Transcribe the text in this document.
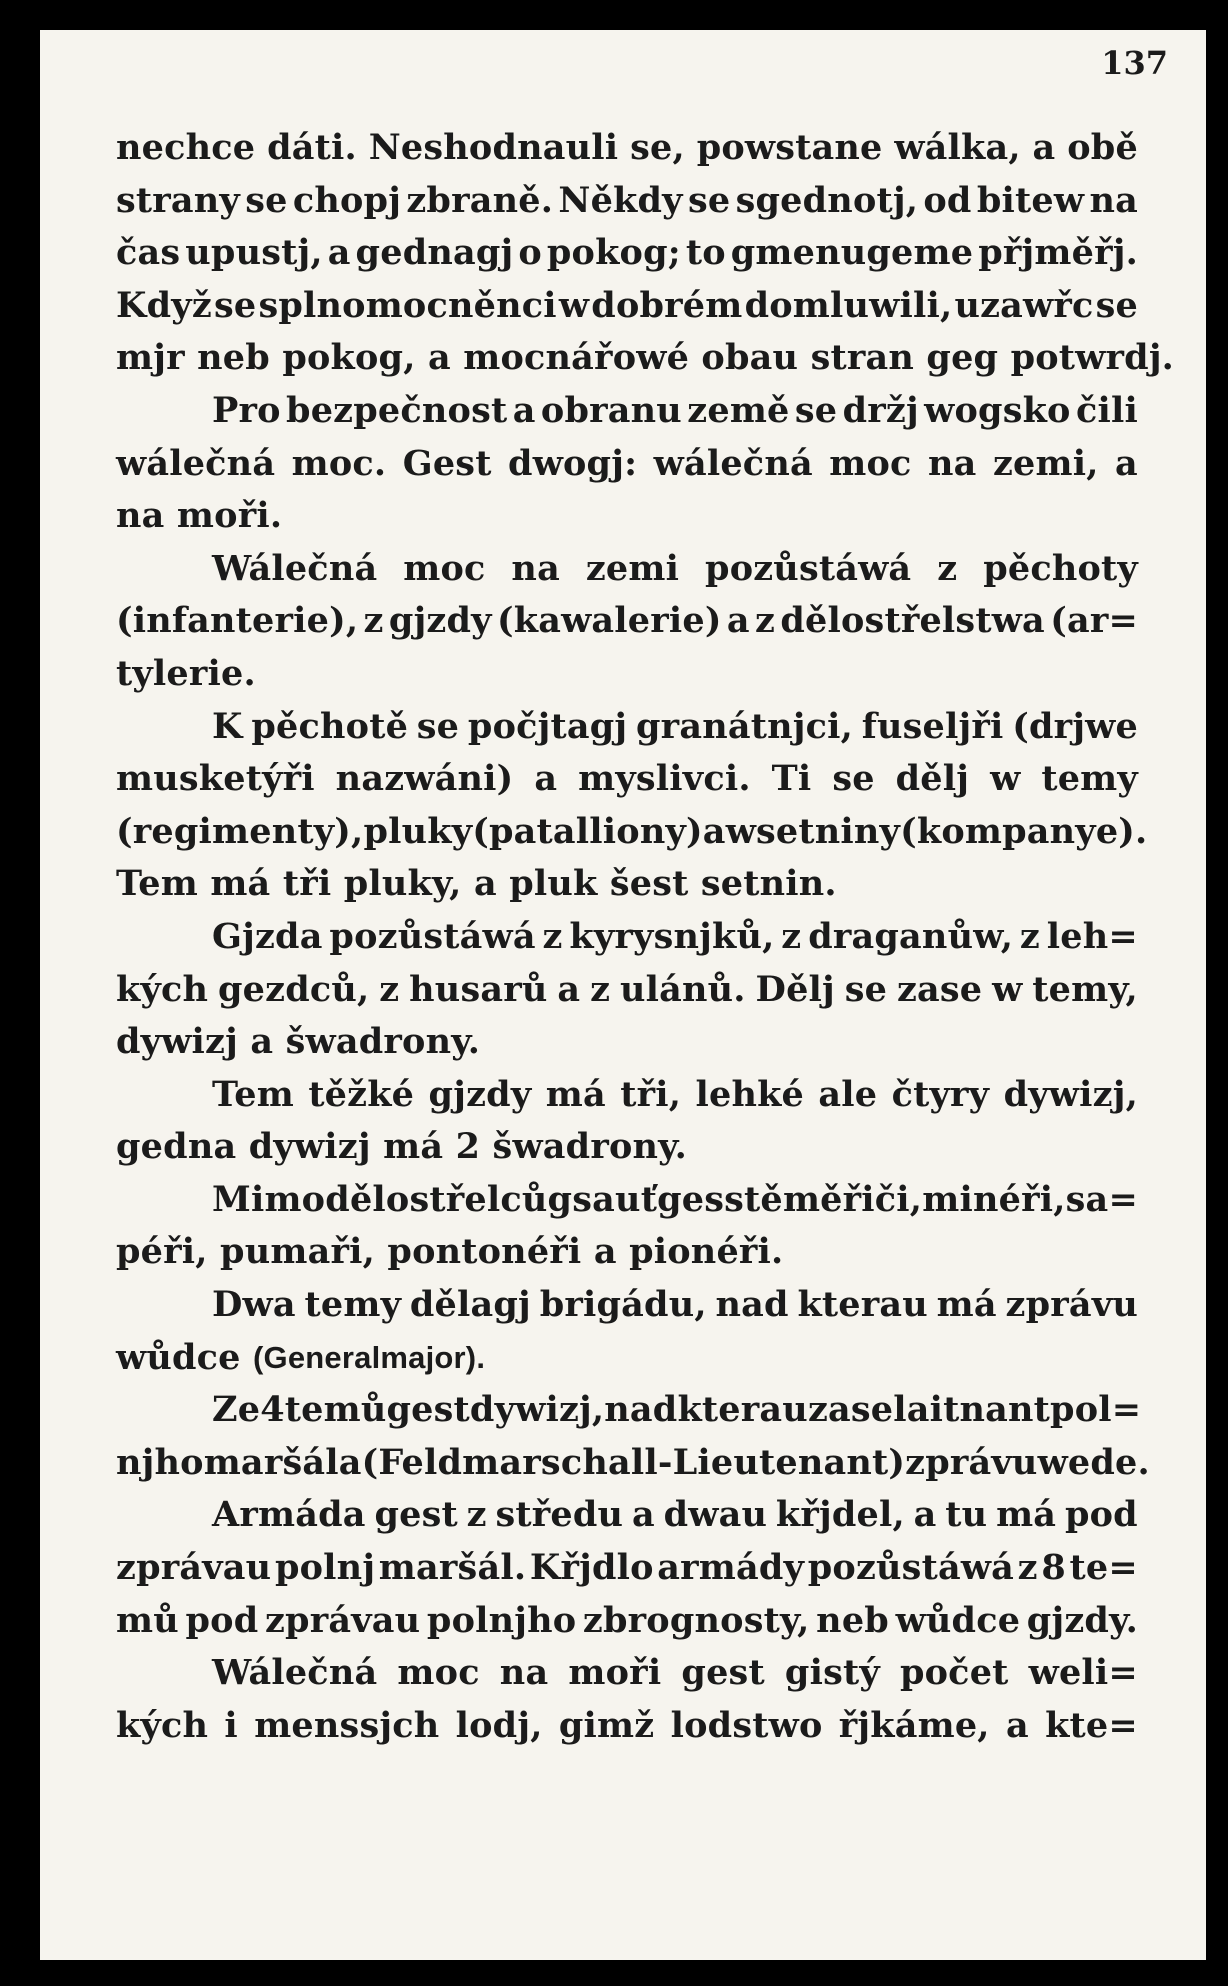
137
nechce dáti. Neshodnauli se, powstane wálka, a obě
strany se chopj zbraně. Někdy se sgednotj, od bitew na
čas upustj, a gednagj o pokog; to gmenugeme přjměřj.
Když se splnomocněnci w dobrém domluwili, uzawřc se
mjr neb pokog, a mocnářowé obau stran geg potwrdj.
Pro bezpečnost a obranu země se držj wogsko čili
wálečná moc. Gest dwogj: wálečná moc na zemi, a
na moři.
Wálečná moc na zemi pozůstáwá z pěchoty
(infanterie), z gjzdy (kawalerie) a z dělostřelstwa (ar=
tylerie.
K pěchotě se počjtagj granátnjci, fuseljři (drjwe
musketýři nazwáni) a myslivci. Ti se dělj w temy
(regimenty), pluky (patalliony) a w setniny (kompanye).
Tem má tři pluky, a pluk šest setnin.
Gjzda pozůstáwá z kyrysnjků, z draganůw, z leh=
kých gezdců, z husarů a z ulánů. Dělj se zase w temy,
dywizj a šwadrony.
Tem těžké gjzdy má tři, lehké ale čtyry dywizj,
gedna dywizj má 2 šwadrony.
Mimo dělostřelců gsau ť gesstě měřiči, minéři, sa=
péři, pumaři, pontonéři a pionéři.
Dwa temy dělagj brigádu, nad kterau má zprávu
wůdce (Generalmajor).
Ze 4 temů gest dywizj, nad kterau zase laitnant pol=
njho maršála (Feldmarschall-Lieutenant) zprávu wede.
Armáda gest z středu a dwau křjdel, a tu má pod
zprávau polnj maršál. Křjdlo armády pozůstáwá z 8 te=
mů pod zprávau polnjho zbrognosty, neb wůdce gjzdy.
Wálečná moc na moři gest gistý počet weli=
kých i menssjch lodj, gimž lodstwo řjkáme, a kte=
